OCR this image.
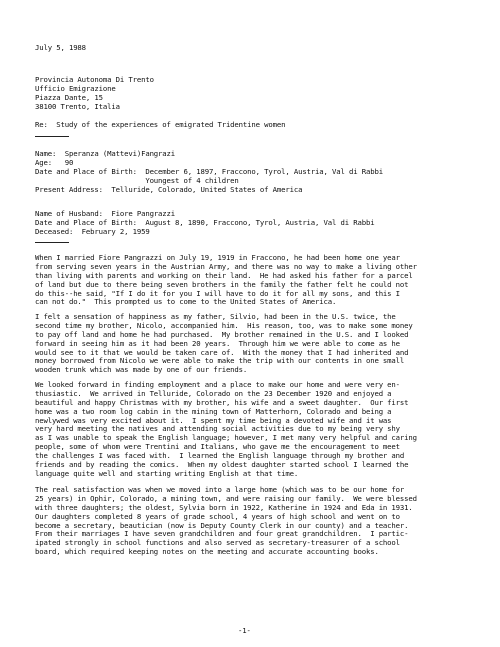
July 5, 1988
Provincia Autonoma Di Trento
Ufficio Emigrazione
Piazza Dante, 15
38100 Trento, Italia
Re:  Study of the experiences of emigrated Tridentine women
Name:  Speranza (Mattevi)Fangrazi
Age:   90
Date and Place of Birth:  December 6, 1897, Fraccono, Tyrol, Austria, Val di Rabbi
Youngest of 4 children
Present Address:  Telluride, Colorado, United States of America
Name of Husband:  Fiore Pangrazzi
Date and Place of Birth:  August 8, 1890, Fraccono, Tyrol, Austria, Val di Rabbi
Deceased:  February 2, 1959
When I married Fiore Pangrazzi on July 19, 1919 in Fraccono, he had been home one year
from serving seven years in the Austrian Army, and there was no way to make a living other
than living with parents and working on their land.  He had asked his father for a parcel
of land but due to there being seven brothers in the family the father felt he could not
do this--he said, "If I do it for you I will have to do it for all my sons, and this I
can not do."  This prompted us to come to the United States of America.
I felt a sensation of happiness as my father, Silvio, had been in the U.S. twice, the
second time my brother, Nicolo, accompanied him.  His reason, too, was to make some money
to pay off land and home he had purchased.  My brother remained in the U.S. and I looked
forward in seeing him as it had been 20 years.  Through him we were able to come as he
would see to it that we would be taken care of.  With the money that I had inherited and
money borrowed from Nicolo we were able to make the trip with our contents in one small
wooden trunk which was made by one of our friends.
We looked forward in finding employment and a place to make our home and were very en-
thusiastic.  We arrived in Telluride, Colorado on the 23 December 1920 and enjoyed a
beautiful and happy Christmas with my brother, his wife and a sweet daughter.  Our first
home was a two room log cabin in the mining town of Matterhorn, Colorado and being a
newlywed was very excited about it.  I spent my time being a devoted wife and it was
very hard meeting the natives and attending social activities due to my being very shy
as I was unable to speak the English language; however, I met many very helpful and caring
people, some of whom were Trentini and Italians, who gave me the encouragement to meet
the challenges I was faced with.  I learned the English language through my brother and
friends and by reading the comics.  When my oldest daughter started school I learned the
language quite well and starting writing English at that time.
The real satisfaction was when we moved into a large home (which was to be our home for
25 years) in Ophir, Colorado, a mining town, and were raising our family.  We were blessed
with three daughters; the oldest, Sylvia born in 1922, Katherine in 1924 and Eda in 1931.
Our daughters completed 8 years of grade school, 4 years of high school and went on to
become a secretary, beautician (now is Deputy County Clerk in our county) and a teacher.
From their marriages I have seven grandchildren and four great grandchildren.  I partic-
ipated strongly in school functions and also served as secretary-treasurer of a school
board, which required keeping notes on the meeting and accurate accounting books.
-1-
